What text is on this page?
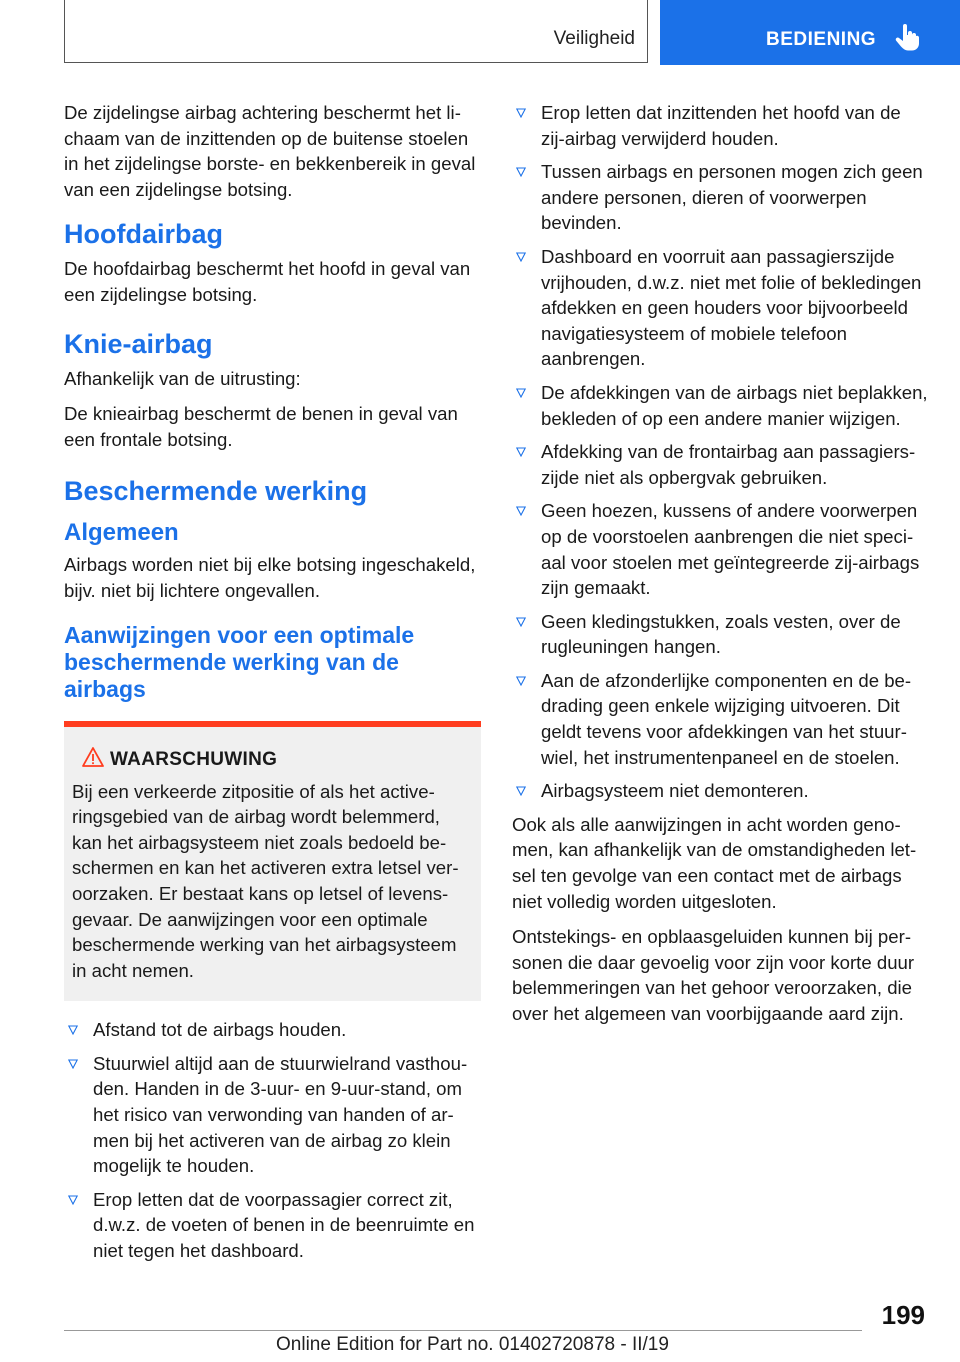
Veiligheid	BEDIENING

De zijdelingse airbag achtering beschermt het lichaam van de inzittenden op de buitense stoelen in het zijdelingse borste- en bekkenbereik in geval van een zijdelingse botsing.

Hoofdairbag

De hoofdairbag beschermt het hoofd in geval van een zijdelingse botsing.

Knie-airbag

Afhankelijk van de uitrusting:

De knieairbag beschermt de benen in geval van een frontale botsing.

Beschermende werking
Algemeen

Airbags worden niet bij elke botsing ingeschakeld, bijv. niet bij lichtere ongevallen.

Aanwijzingen voor een optimale beschermende werking van de airbags
WAARSCHUWING

Bij een verkeerde zitpositie of als het activeringsgebied van de airbag wordt belemmerd, kan het airbagsysteem niet zoals bedoeld beschermen en kan het activeren extra letsel veroorzaken. Er bestaat kans op letsel of levensgevaar. De aanwijzingen voor een optimale beschermende werking van het airbagsysteem in acht nemen.

Afstand tot de airbags houden.
Stuurwiel altijd aan de stuurwielrand vasthouden. Handen in de 3-uur- en 9-uur-stand, om het risico van verwonding van handen of armen bij het activeren van de airbag zo klein mogelijk te houden.
Erop letten dat de voorpassagier correct zit, d.w.z. de voeten of benen in de beenruimte en niet tegen het dashboard.
Erop letten dat inzittenden het hoofd van de zij-airbag verwijderd houden.
Tussen airbags en personen mogen zich geen andere personen, dieren of voorwerpen bevinden.
Dashboard en voorruit aan passagierszijde vrijhouden, d.w.z. niet met folie of bekledingen afdekken en geen houders voor bijvoorbeeld navigatiesysteem of mobiele telefoon aanbrengen.
De afdekkingen van de airbags niet beplakken, bekleden of op een andere manier wijzigen.
Afdekking van de frontairbag aan passagierszijde niet als opbergvak gebruiken.
Geen hoezen, kussens of andere voorwerpen op de voorstoelen aanbrengen die niet speciaal voor stoelen met geïntegreerde zij-airbags zijn gemaakt.
Geen kledingstukken, zoals vesten, over de rugleuningen hangen.
Aan de afzonderlijke componenten en de bedrading geen enkele wijziging uitvoeren. Dit geldt tevens voor afdekkingen van het stuurwiel, het instrumentenpaneel en de stoelen.
Airbagsysteem niet demonteren.

Ook als alle aanwijzingen in acht worden genomen, kan afhankelijk van de omstandigheden letsel ten gevolge van een contact met de airbags niet volledig worden uitgesloten.

Ontstekings- en opblaasgeluiden kunnen bij personen die daar gevoelig voor zijn voor korte duur belemmeringen van het gehoor veroorzaken, die over het algemeen van voorbijgaande aard zijn.

199
Online Edition for Part no. 01402720878 - II/19
